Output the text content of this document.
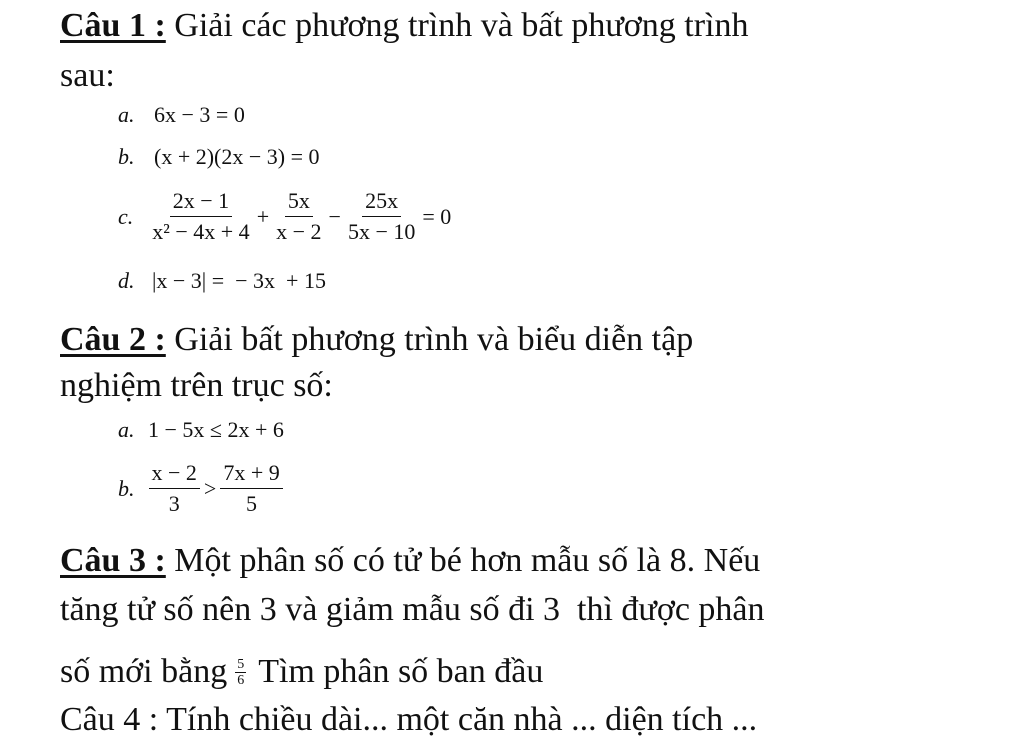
Câu 1 : Giải các phương trình và bất phương trình
sau:
a. 6x − 3 = 0
b. (x + 2)(2x − 3) = 0
c. $\frac{2x - 1}{\text{x² − 4x + 4}} + \frac{5x}{x - 2} - \frac{25x}{5x - 10} = 0$
d. |x − 3| =  − 3x  + 15
Câu 2 : Giải bất phương trình và biểu diễn tập
nghiệm trên trục số:
a. 1 − 5x ≤ 2x + 6
b. $\frac{x - 2}{3} > \frac{7x + 9}{5}$
Câu 3 : Một phân số có tử bé hơn mẫu số là 8. Nếu
tăng tử số nên 3 và giảm mẫu số đi 3  thì được phân
số mới bằng $\frac{5}{6}$ Tìm phân số ban đầu
Câu 4 : Tính chiều dài... một căn nhà ... diện tích ...
